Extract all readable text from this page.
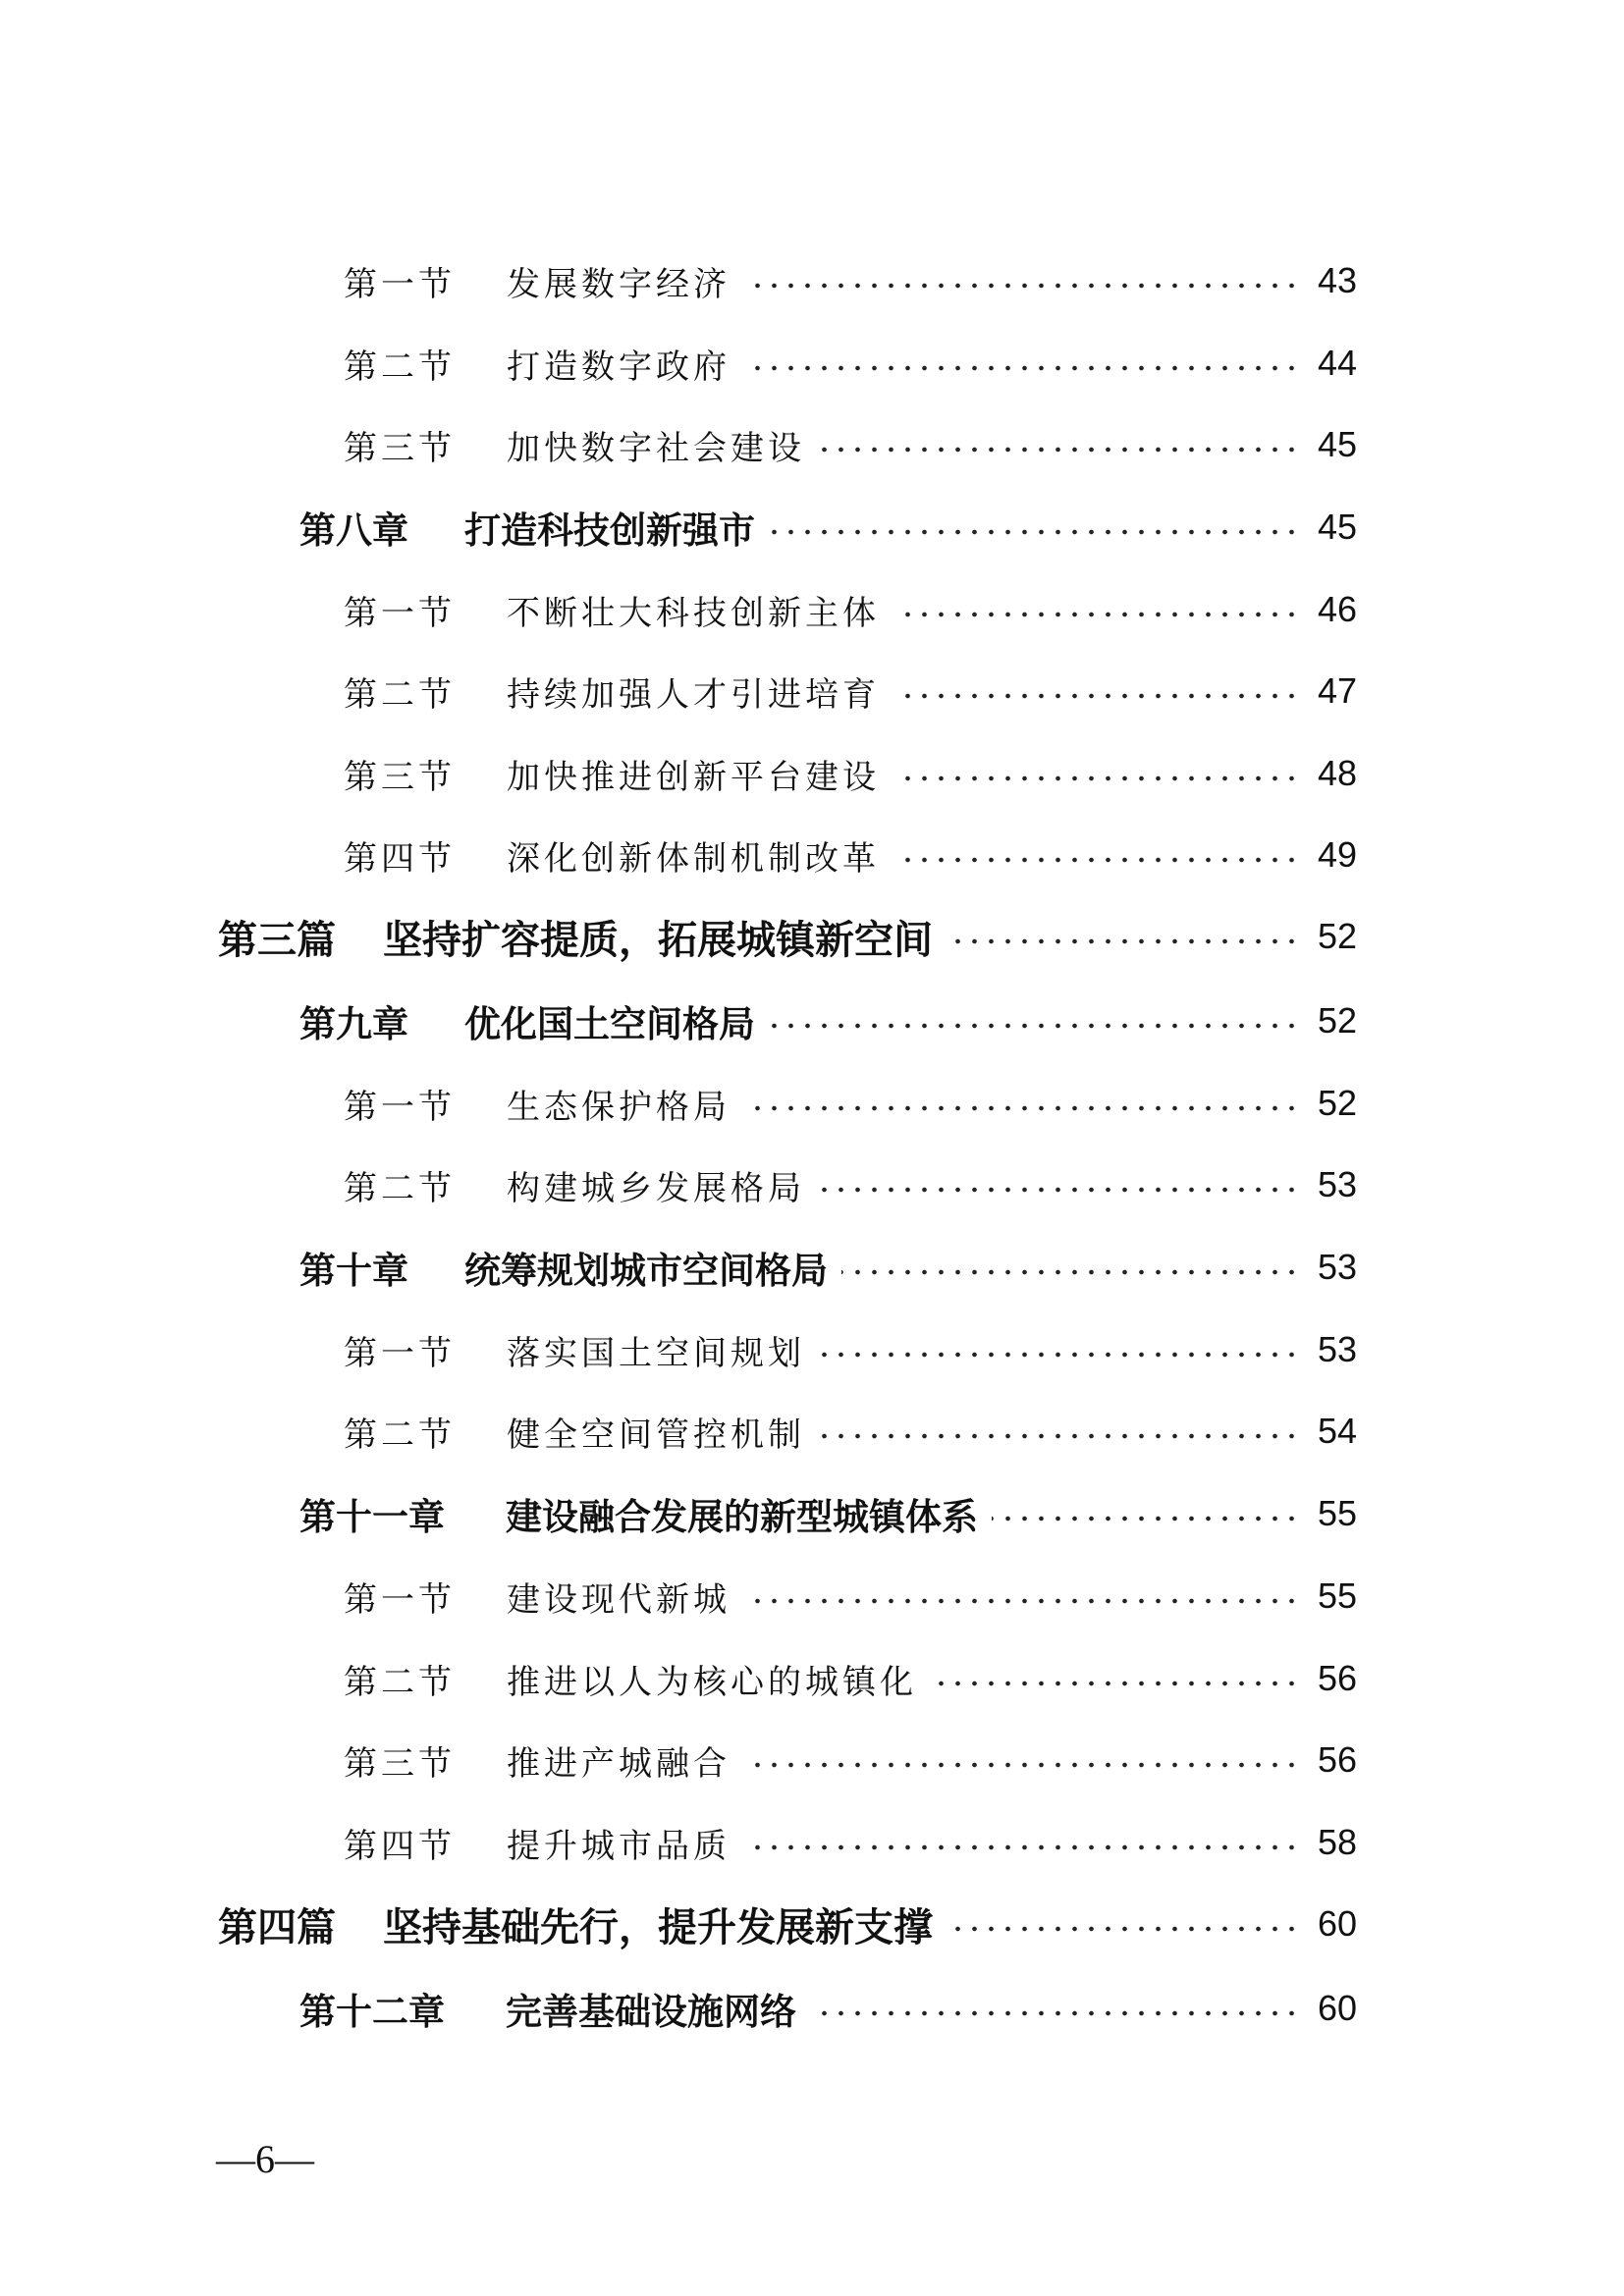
第一节	发展数字经济	43
第二节	打造数字政府	44
第三节	加快数字社会建设	45
第八章	打造科技创新强市	45
第一节	不断壮大科技创新主体	46
第二节	持续加强人才引进培育	47
第三节	加快推进创新平台建设	48
第四节	深化创新体制机制改革	49
第三篇	坚持扩容提质，拓展城镇新空间	52
第九章	优化国土空间格局	52
第一节	生态保护格局	52
第二节	构建城乡发展格局	53
第十章	统筹规划城市空间格局	53
第一节	落实国土空间规划	53
第二节	健全空间管控机制	54
第十一章	建设融合发展的新型城镇体系	55
第一节	建设现代新城	55
第二节	推进以人为核心的城镇化	56
第三节	推进产城融合	56
第四节	提升城市品质	58
第四篇	坚持基础先行，提升发展新支撑	60
第十二章	完善基础设施网络	60
—6—
